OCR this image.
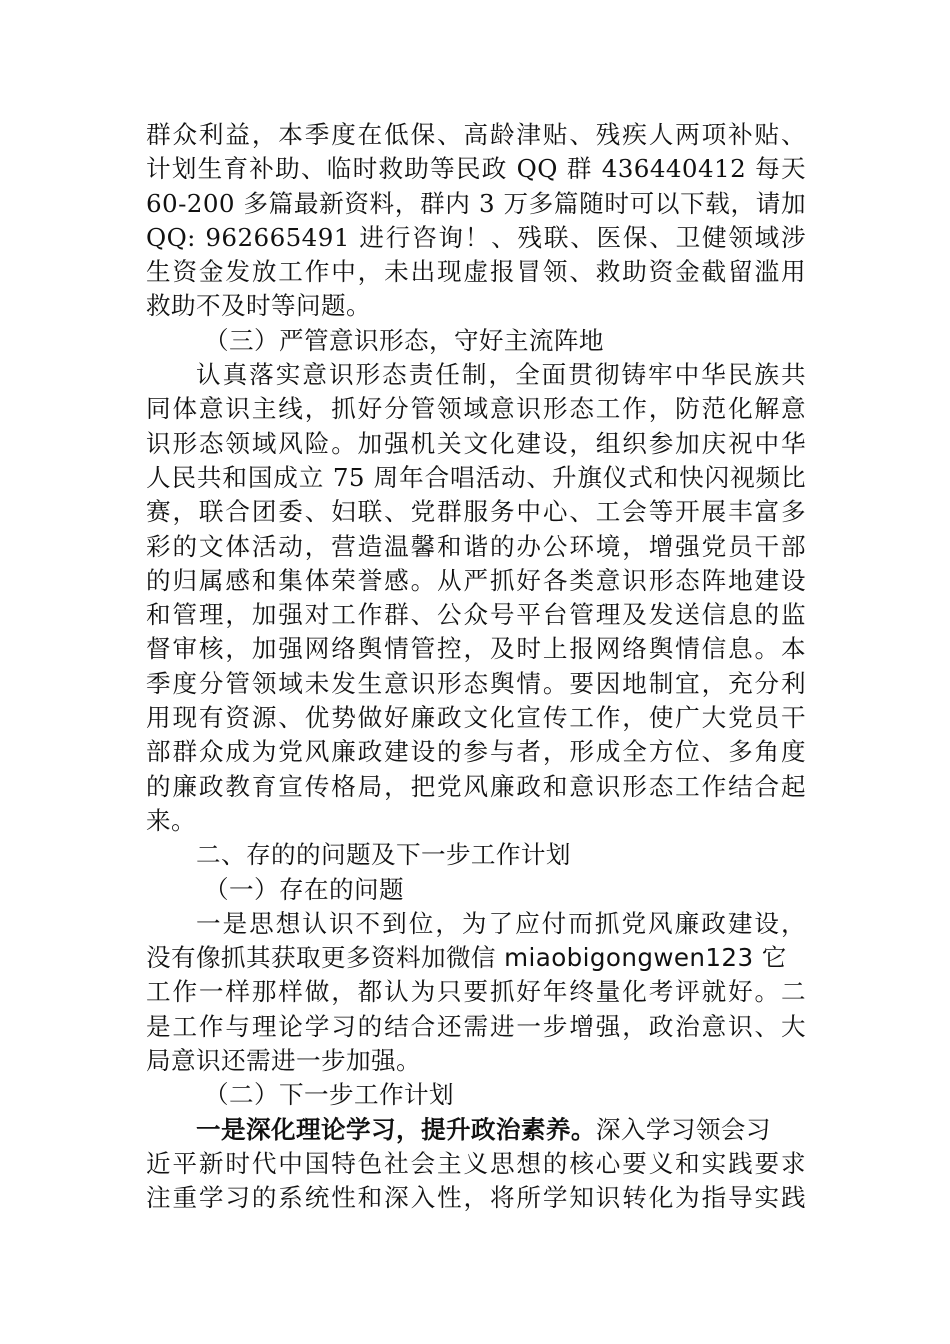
群众利益，本季度在低保、高龄津贴、残疾人两项补贴、
计划生育补助、临时救助等民政 QQ 群 436440412 每天
60-200 多篇最新资料，群内 3 万多篇随时可以下载，请加
QQ: 962665491 进行咨询！、残联、医保、卫健领域涉
生资金发放工作中，未出现虚报冒领、救助资金截留滥用
救助不及时等问题。
（三）严管意识形态，守好主流阵地
认真落实意识形态责任制，全面贯彻铸牢中华民族共
同体意识主线，抓好分管领域意识形态工作，防范化解意
识形态领域风险。加强机关文化建设，组织参加庆祝中华
人民共和国成立 75 周年合唱活动、升旗仪式和快闪视频比
赛，联合团委、妇联、党群服务中心、工会等开展丰富多
彩的文体活动，营造温馨和谐的办公环境，增强党员干部
的归属感和集体荣誉感。从严抓好各类意识形态阵地建设
和管理，加强对工作群、公众号平台管理及发送信息的监
督审核，加强网络舆情管控，及时上报网络舆情信息。本
季度分管领域未发生意识形态舆情。要因地制宜，充分利
用现有资源、优势做好廉政文化宣传工作，使广大党员干
部群众成为党风廉政建设的参与者，形成全方位、多角度
的廉政教育宣传格局，把党风廉政和意识形态工作结合起
来。
二、存的的问题及下一步工作计划
（一）存在的问题
一是思想认识不到位，为了应付而抓党风廉政建设，
没有像抓其获取更多资料加微信 miaobigongwen123 它
工作一样那样做，都认为只要抓好年终量化考评就好。二
是工作与理论学习的结合还需进一步增强，政治意识、大
局意识还需进一步加强。
（二）下一步工作计划
一是深化理论学习，提升政治素养。深入学习领会习
近平新时代中国特色社会主义思想的核心要义和实践要求
注重学习的系统性和深入性，将所学知识转化为指导实践
